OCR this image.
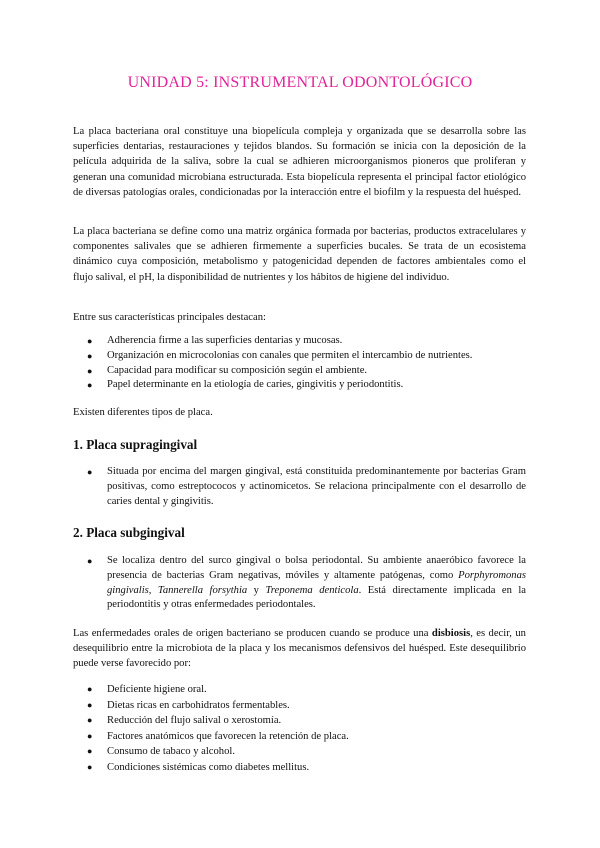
UNIDAD 5: INSTRUMENTAL ODONTOLÓGICO

La placa bacteriana oral constituye una biopelícula compleja y organizada que se desarrolla sobre las superficies dentarias, restauraciones y tejidos blandos. Su formación se inicia con la deposición de la película adquirida de la saliva, sobre la cual se adhieren microorganismos pioneros que proliferan y generan una comunidad microbiana estructurada. Esta biopelícula representa el principal factor etiológico de diversas patologías orales, condicionadas por la interacción entre el biofilm y la respuesta del huésped.

La placa bacteriana se define como una matriz orgánica formada por bacterias, productos extracelulares y componentes salivales que se adhieren firmemente a superficies bucales. Se trata de un ecosistema dinámico cuya composición, metabolismo y patogenicidad dependen de factores ambientales como el flujo salival, el pH, la disponibilidad de nutrientes y los hábitos de higiene del individuo.

Entre sus características principales destacan:

● Adherencia firme a las superficies dentarias y mucosas.
● Organización en microcolonias con canales que permiten el intercambio de nutrientes.
● Capacidad para modificar su composición según el ambiente.
● Papel determinante en la etiología de caries, gingivitis y periodontitis.

Existen diferentes tipos de placa.

1. Placa supragingival
● Situada por encima del margen gingival, está constituida predominantemente por bacterias Gram positivas, como estreptococos y actinomicetos. Se relaciona principalmente con el desarrollo de caries dental y gingivitis.
2. Placa subgingival
● Se localiza dentro del surco gingival o bolsa periodontal. Su ambiente anaeróbico favorece la presencia de bacterias Gram negativas, móviles y altamente patógenas, como Porphyromonas gingivalis, Tannerella forsythia y Treponema denticola. Está directamente implicada en la periodontitis y otras enfermedades periodontales.

Las enfermedades orales de origen bacteriano se producen cuando se produce una disbiosis, es decir, un desequilibrio entre la microbiota de la placa y los mecanismos defensivos del huésped. Este desequilibrio puede verse favorecido por:

● Deficiente higiene oral.
● Dietas ricas en carbohidratos fermentables.
● Reducción del flujo salival o xerostomía.
● Factores anatómicos que favorecen la retención de placa.
● Consumo de tabaco y alcohol.
● Condiciones sistémicas como diabetes mellitus.
